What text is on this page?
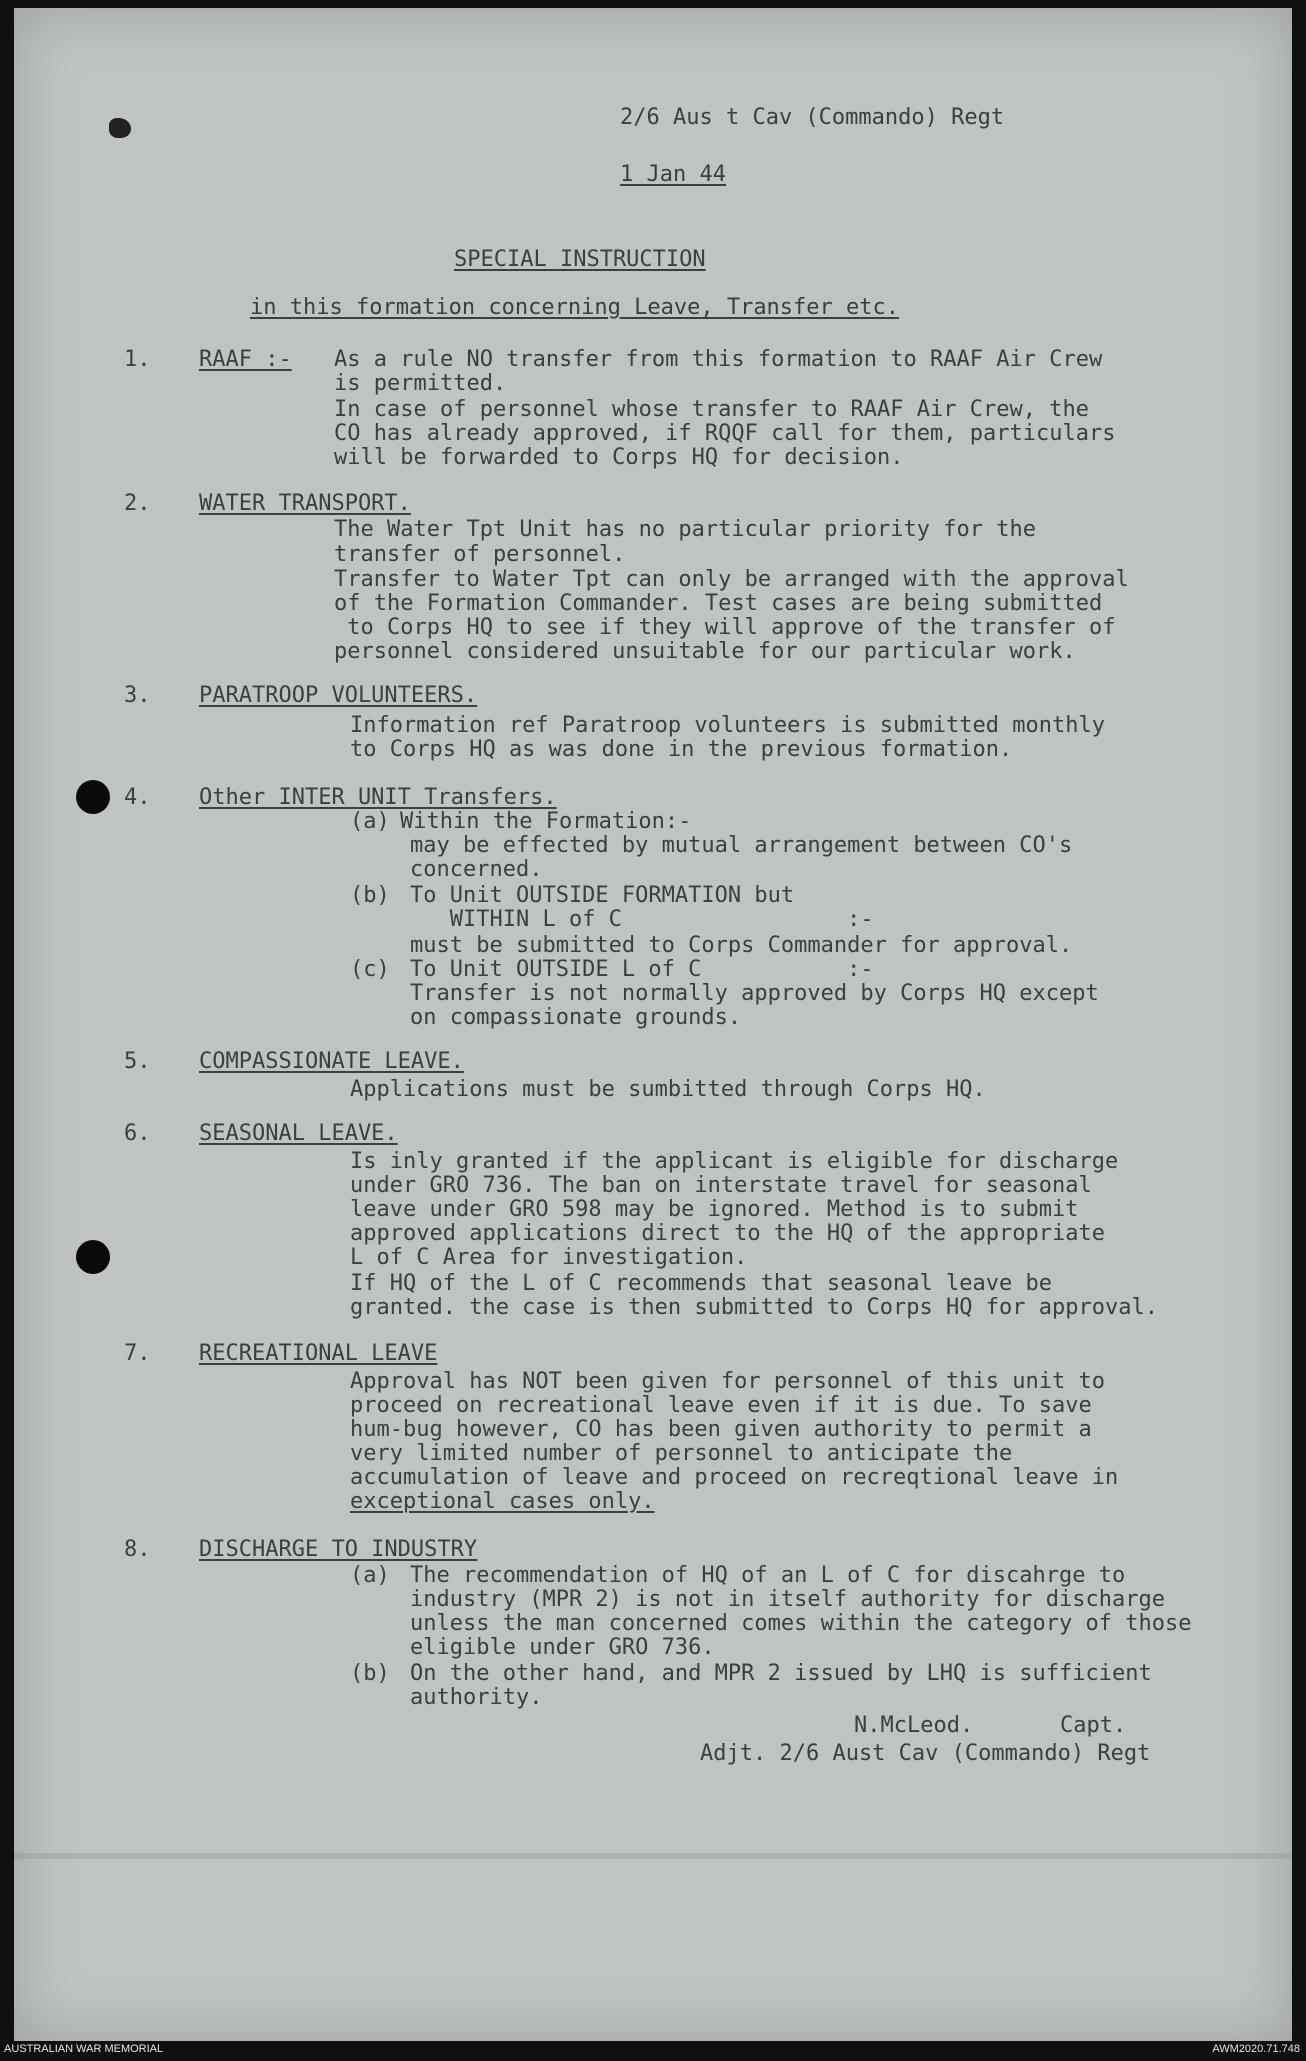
2/6 Aus t Cav (Commando) Regt
1 Jan 44
SPECIAL INSTRUCTION
in this formation concerning Leave, Transfer etc.
1.	RAAF :- As a rule NO transfer from this formation to RAAF Air Crew
is permitted.
In case of personnel whose transfer to RAAF Air Crew, the
CO has already approved, if RQQF call for them, particulars
will be forwarded to Corps HQ for decision.
2.	WATER TRANSPORT.
The Water Tpt Unit has no particular priority for the
transfer of personnel.
Transfer to Water Tpt can only be arranged with the approval
of the Formation Commander. Test cases are being submitted
to Corps HQ to see if they will approve of the transfer of
personnel considered unsuitable for our particular work.
3.	PARATROOP VOLUNTEERS.
Information ref Paratroop volunteers is submitted monthly
to Corps HQ as was done in the previous formation.
4.	Other INTER UNIT Transfers.
(a) Within the Formation:-
may be effected by mutual arrangement between CO's
concerned.
(b) To Unit OUTSIDE FORMATION but
WITHIN L of C                 :-
must be submitted to Corps Commander for approval.
(c) To Unit OUTSIDE L of C           :-
Transfer is not normally approved by Corps HQ except
on compassionate grounds.
5.	COMPASSIONATE LEAVE.
Applications must be sumbitted through Corps HQ.
6.	SEASONAL LEAVE.
Is inly granted if the applicant is eligible for discharge
under GRO 736. The ban on interstate travel for seasonal
leave under GRO 598 may be ignored. Method is to submit
approved applications direct to the HQ of the appropriate
L of C Area for investigation.
If HQ of the L of C recommends that seasonal leave be
granted. the case is then submitted to Corps HQ for approval.
7.	RECREATIONAL LEAVE
Approval has NOT been given for personnel of this unit to
proceed on recreational leave even if it is due. To save
hum-bug however, CO has been given authority to permit a
very limited number of personnel to anticipate the
accumulation of leave and proceed on recreqtional leave in
exceptional cases only.
8.	DISCHARGE TO INDUSTRY
(a) The recommendation of HQ of an L of C for discahrge to
industry (MPR 2) is not in itself authority for discharge
unless the man concerned comes within the category of those
eligible under GRO 736.
(b) On the other hand, and MPR 2 issued by LHQ is sufficient
authority.
N.McLeod.	Capt.
Adjt. 2/6 Aust Cav (Commando) Regt
AUSTRALIAN WAR MEMORIAL	AWM2020.71.748
